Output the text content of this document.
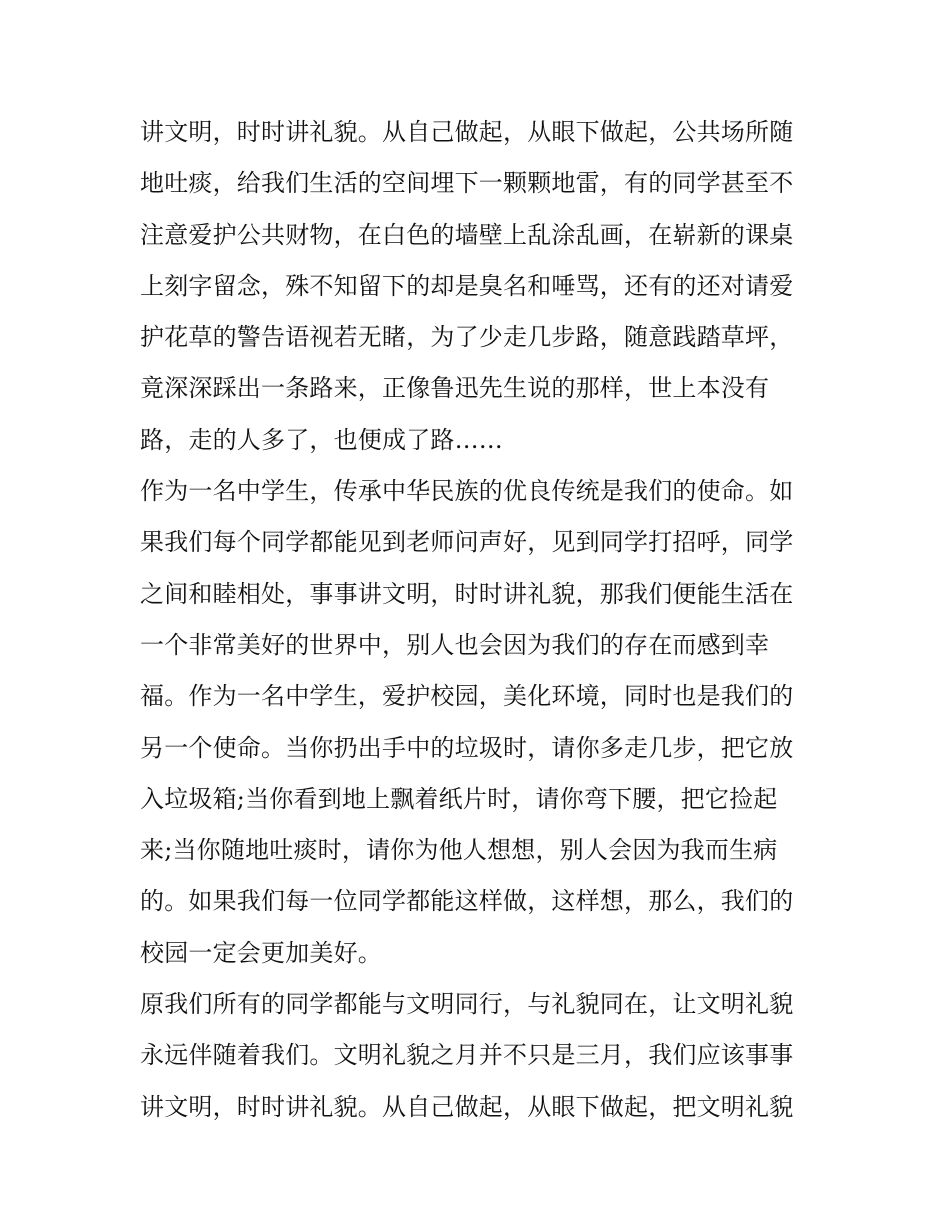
讲文明，时时讲礼貌。从自己做起，从眼下做起，公共场所随
地吐痰，给我们生活的空间埋下一颗颗地雷，有的同学甚至不
注意爱护公共财物，在白色的墙壁上乱涂乱画，在崭新的课桌
上刻字留念，殊不知留下的却是臭名和唾骂，还有的还对请爱
护花草的警告语视若无睹，为了少走几步路，随意践踏草坪，
竟深深踩出一条路来，正像鲁迅先生说的那样，世上本没有
路，走的人多了，也便成了路……
作为一名中学生，传承中华民族的优良传统是我们的使命。如
果我们每个同学都能见到老师问声好，见到同学打招呼，同学
之间和睦相处，事事讲文明，时时讲礼貌，那我们便能生活在
一个非常美好的世界中，别人也会因为我们的存在而感到幸
福。作为一名中学生，爱护校园，美化环境，同时也是我们的
另一个使命。当你扔出手中的垃圾时，请你多走几步，把它放
入垃圾箱;当你看到地上飘着纸片时，请你弯下腰，把它捡起
来;当你随地吐痰时，请你为他人想想，别人会因为我而生病
的。如果我们每一位同学都能这样做，这样想，那么，我们的
校园一定会更加美好。
原我们所有的同学都能与文明同行，与礼貌同在，让文明礼貌
永远伴随着我们。文明礼貌之月并不只是三月，我们应该事事
讲文明，时时讲礼貌。从自己做起，从眼下做起，把文明礼貌
